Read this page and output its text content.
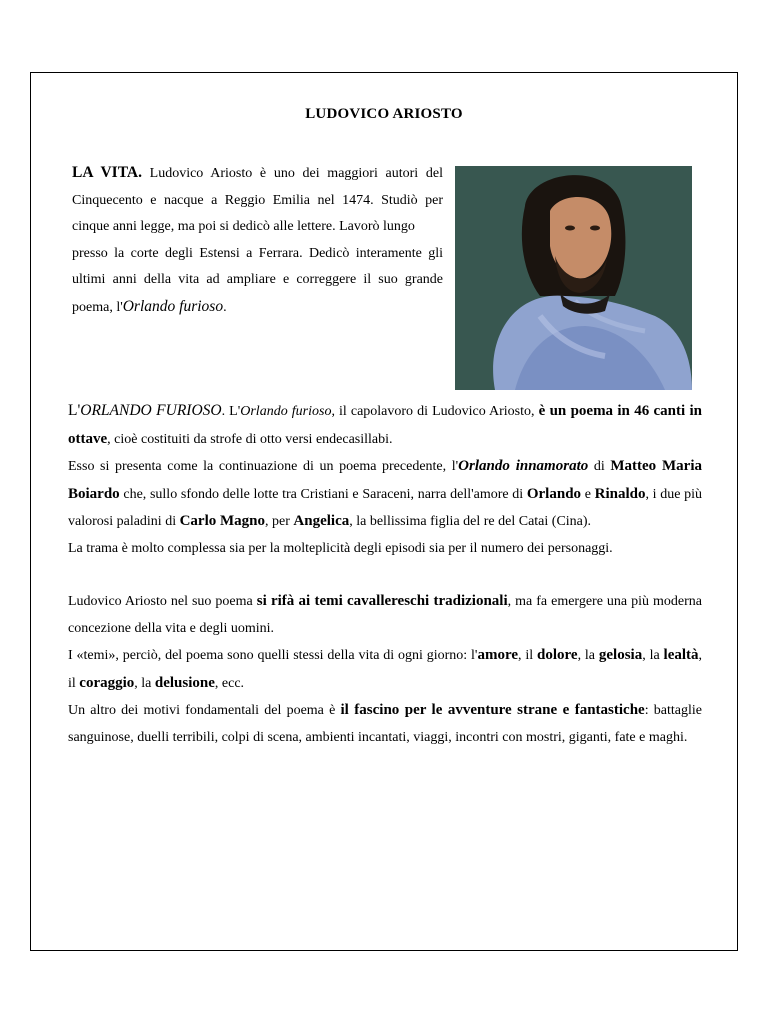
LUDOVICO ARIOSTO

LA VITA. Ludovico Ariosto è uno dei maggiori autori del Cinquecento e nacque a Reggio Emilia nel 1474. Studiò per cinque anni legge, ma poi si dedicò alle lettere. Lavorò lungo

presso la corte degli Estensi a Ferrara. Dedicò interamente gli ultimi anni della vita ad ampliare e correggere il suo grande poema, l'Orlando furioso.

L'ORLANDO FURIOSO. L'Orlando furioso, il capolavoro di Ludovico Ariosto, è un poema in 46 canti in ottave, cioè costituiti da strofe di otto versi endecasillabi.

Esso si presenta come la continuazione di un poema precedente, l'Orlando innamorato di Matteo Maria Boiardo che, sullo sfondo delle lotte tra Cristiani e Saraceni, narra dell'amore di Orlando e Rinaldo, i due più valorosi paladini di Carlo Magno, per Angelica, la bellissima figlia del re del Catai (Cina).

La trama è molto complessa sia per la molteplicità degli episodi sia per il numero dei personaggi.

Ludovico Ariosto nel suo poema si rifà ai temi cavallereschi tradizionali, ma fa emergere una più moderna concezione della vita e degli uomini.

I «temi», perciò, del poema sono quelli stessi della vita di ogni giorno: l'amore, il dolore, la gelosia, la lealtà, il coraggio, la delusione, ecc.

Un altro dei motivi fondamentali del poema è il fascino per le avventure strane e fantastiche: battaglie sanguinose, duelli terribili, colpi di scena, ambienti incantati, viaggi, incontri con mostri, giganti, fate e maghi.
